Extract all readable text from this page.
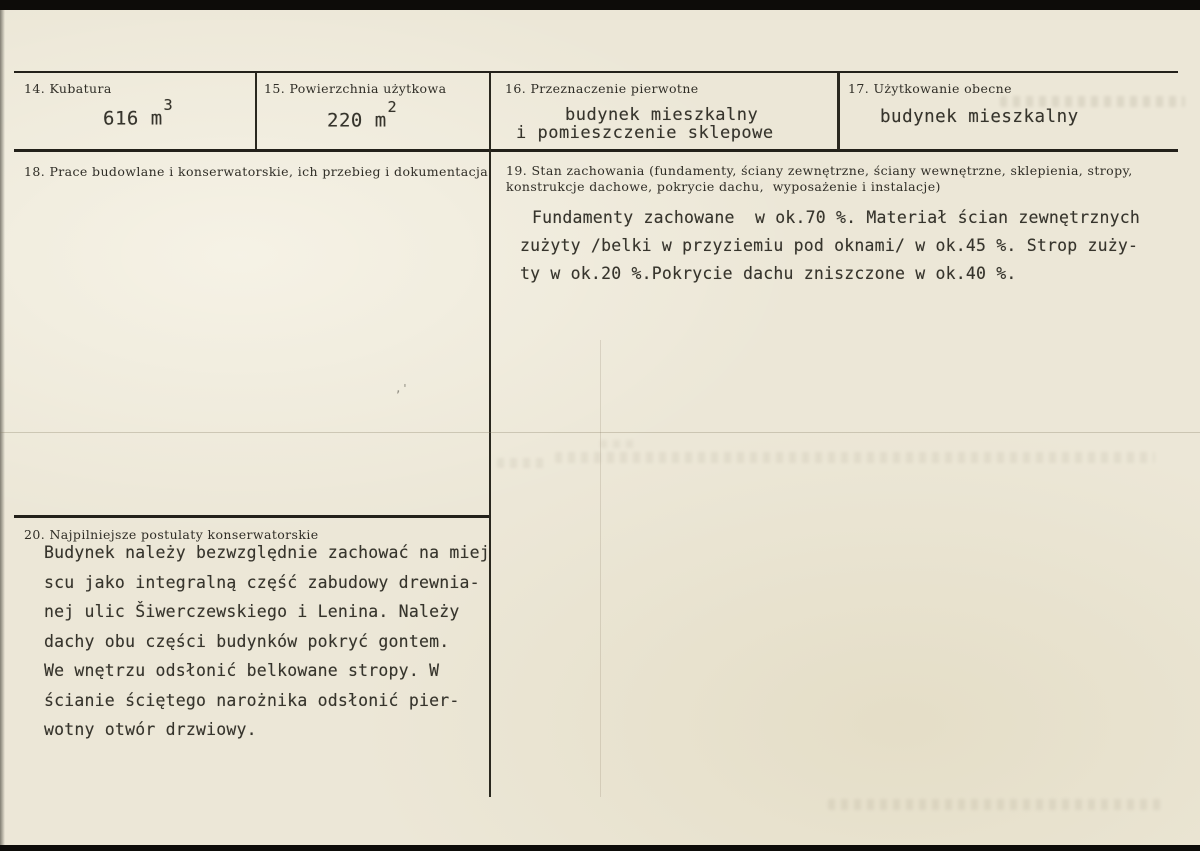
14. Kubatura
616 $m^3$
15. Powierzchnia użytkowa
220 $m^2$
16. Przeznaczenie pierwotne
budynek mieszkalny
i pomieszczenie sklepowe
17. Użytkowanie obecne
budynek mieszkalny
18. Prace budowlane i konserwatorskie, ich przebieg i dokumentacja 19. Stan zachowania (fundamenty, ściany zewnętrzne, ściany wewnętrzne, sklepienia, stropy,
konstrukcje dachowe, pokrycie dachu,  wyposażenie i instalacje)
Fundamenty zachowane  w ok.70 %. Materiał ścian zewnętrznych
zużyty /belki w przyziemiu pod oknami/ w ok.45 %. Strop zuży-
ty w ok.20 %.Pokrycie dachu zniszczone w ok.40 %.
20. Najpilniejsze postulaty konserwatorskie
Budynek należy bezwzględnie zachować na miej
scu jako integralną część zabudowy drewnia-
nej ulic Šiwerczewskiego i Lenina. Należy
dachy obu części budynków pokryć gontem.
We wnętrzu odsłonić belkowane stropy. W
ścianie ściętego narożnika odsłonić pier-
wotny otwór drzwiowy.
,'
